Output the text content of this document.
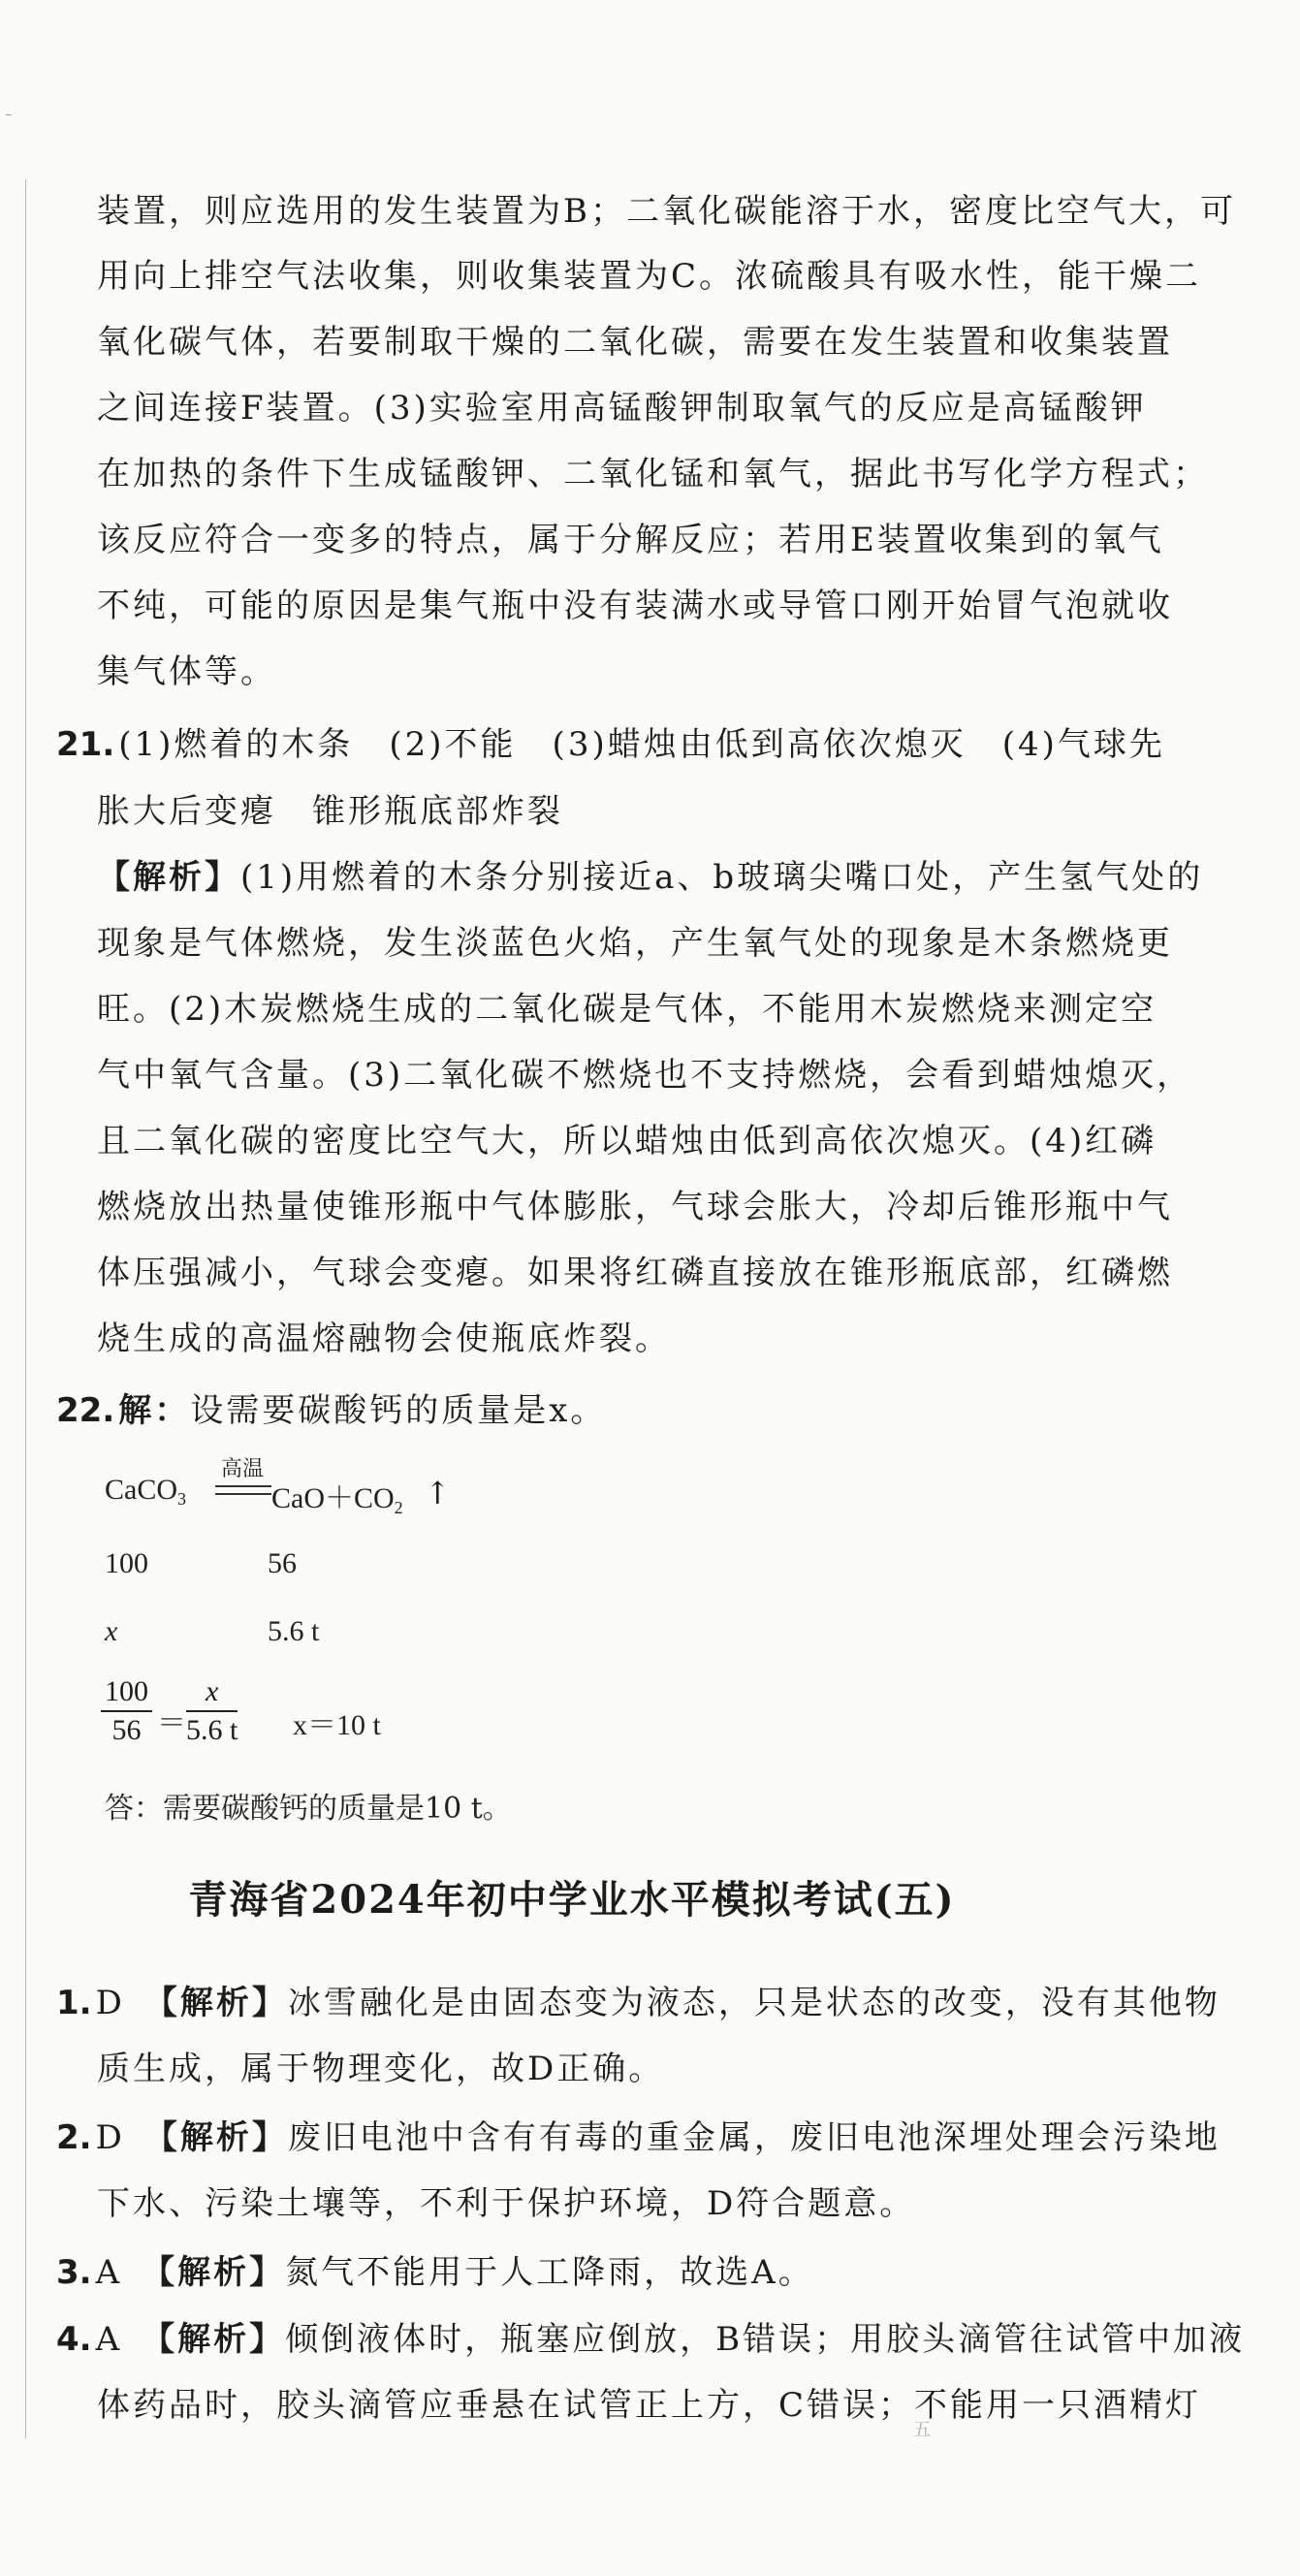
装置，则应选用的发生装置为B；二氧化碳能溶于水，密度比空气大，可

用向上排空气法收集，则收集装置为C。浓硫酸具有吸水性，能干燥二

氧化碳气体，若要制取干燥的二氧化碳，需要在发生装置和收集装置

之间连接F装置。(3)实验室用高锰酸钾制取氧气的反应是高锰酸钾

在加热的条件下生成锰酸钾、二氧化锰和氧气，据此书写化学方程式；

该反应符合一变多的特点，属于分解反应；若用E装置收集到的氧气

不纯，可能的原因是集气瓶中没有装满水或导管口刚开始冒气泡就收

集气体等。

21. (1)燃着的木条　(2)不能　(3)蜡烛由低到高依次熄灭　(4)气球先

胀大后变瘪　锥形瓶底部炸裂

【解析】(1)用燃着的木条分别接近a、b玻璃尖嘴口处，产生氢气处的

现象是气体燃烧，发生淡蓝色火焰，产生氧气处的现象是木条燃烧更

旺。(2)木炭燃烧生成的二氧化碳是气体，不能用木炭燃烧来测定空

气中氧气含量。(3)二氧化碳不燃烧也不支持燃烧，会看到蜡烛熄灭，

且二氧化碳的密度比空气大，所以蜡烛由低到高依次熄灭。(4)红磷

燃烧放出热量使锥形瓶中气体膨胀，气球会胀大，冷却后锥形瓶中气

体压强减小，气球会变瘪。如果将红磷直接放在锥形瓶底部，红磷燃

烧生成的高温熔融物会使瓶底炸裂。

22. 解：设需要碳酸钙的质量是x。

CaCO$_3$
高温
$CaO+CO_2$ ↑
100	56
x	5.6 t
$\frac{100}{56} = \frac{x}{5.6 t} x=10$ t
答：需要碳酸钙的质量是10 t。
青海省2024年初中学业水平模拟考试(五)

1. D　 【解析】冰雪融化是由固态变为液态，只是状态的改变，没有其他物

质生成，属于物理变化，故D正确。

2. D　 【解析】废旧电池中含有有毒的重金属，废旧电池深埋处理会污染地

下水、污染土壤等，不利于保护环境，D符合题意。

3. A　 【解析】氮气不能用于人工降雨，故选A。

4. A　 【解析】倾倒液体时，瓶塞应倒放，B错误；用胶头滴管往试管中加液

体药品时，胶头滴管应垂悬在试管正上方，C错误；不能用一只酒精灯

五
